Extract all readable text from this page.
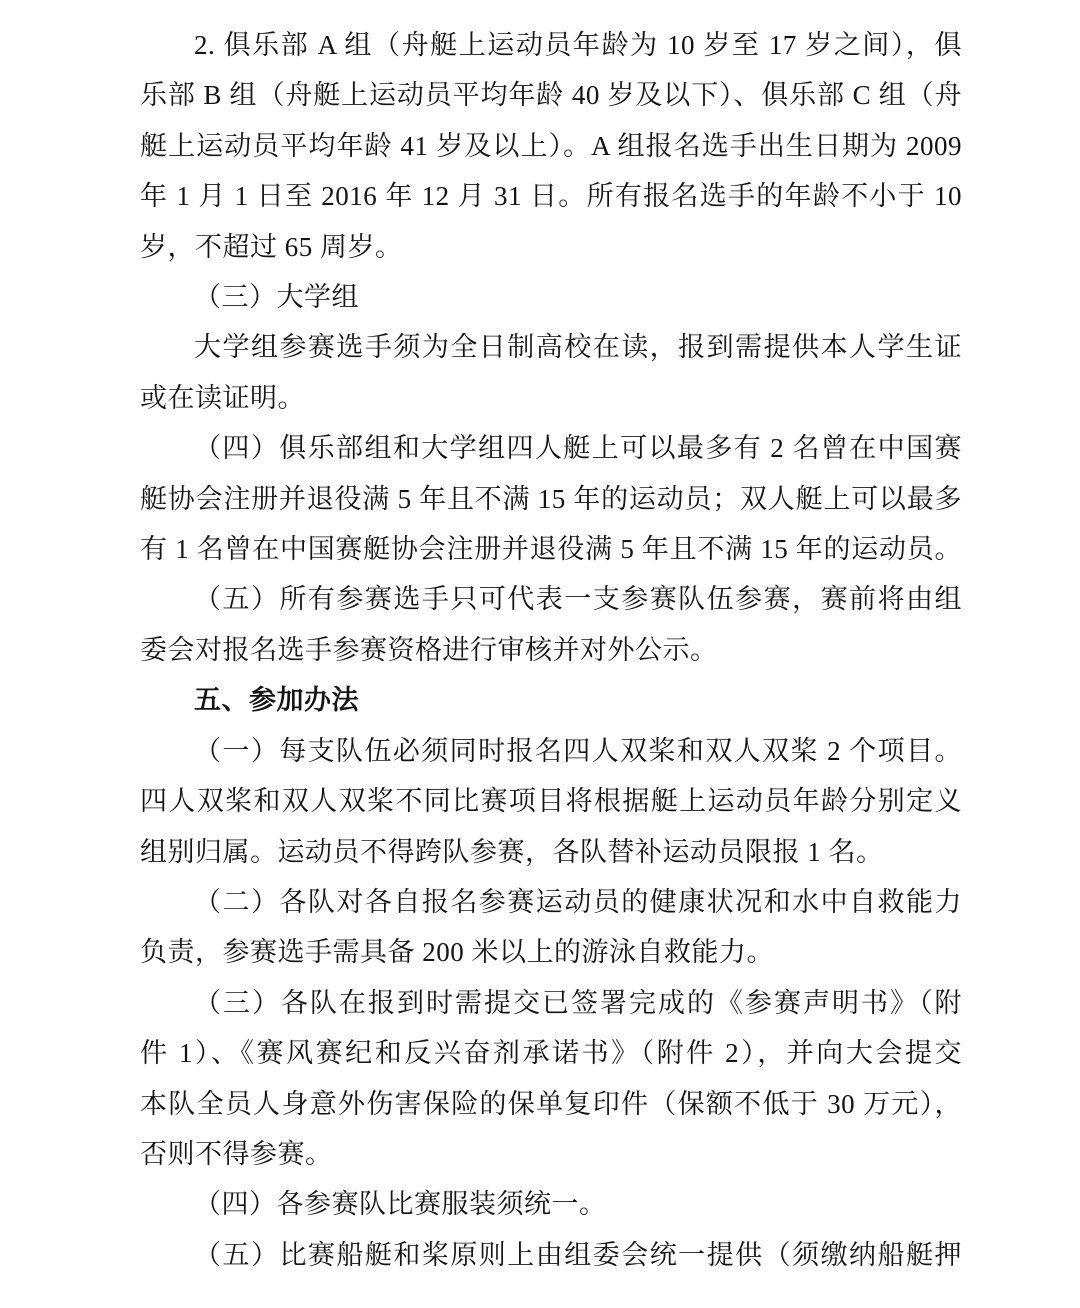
2. 俱乐部 A 组（舟艇上运动员年龄为 10 岁至 17 岁之间），俱
乐部 B 组（舟艇上运动员平均年龄 40 岁及以下）、俱乐部 C 组（舟
艇上运动员平均年龄 41 岁及以上）。A 组报名选手出生日期为 2009
年 1 月 1 日至 2016 年 12 月 31 日。所有报名选手的年龄不小于 10
岁，不超过 65 周岁。
（三）大学组
大学组参赛选手须为全日制高校在读，报到需提供本人学生证
或在读证明。
（四）俱乐部组和大学组四人艇上可以最多有 2 名曾在中国赛
艇协会注册并退役满 5 年且不满 15 年的运动员；双人艇上可以最多
有 1 名曾在中国赛艇协会注册并退役满 5 年且不满 15 年的运动员。
（五）所有参赛选手只可代表一支参赛队伍参赛，赛前将由组
委会对报名选手参赛资格进行审核并对外公示。
五、参加办法
（一）每支队伍必须同时报名四人双桨和双人双桨 2 个项目。
四人双桨和双人双桨不同比赛项目将根据艇上运动员年龄分别定义
组别归属。运动员不得跨队参赛，各队替补运动员限报 1 名。
（二）各队对各自报名参赛运动员的健康状况和水中自救能力
负责，参赛选手需具备 200 米以上的游泳自救能力。
（三）各队在报到时需提交已签署完成的《参赛声明书》（附
件 1）、《赛风赛纪和反兴奋剂承诺书》（附件 2），并向大会提交
本队全员人身意外伤害保险的保单复印件（保额不低于 30 万元），
否则不得参赛。
（四）各参赛队比赛服装须统一。
（五）比赛船艇和桨原则上由组委会统一提供（须缴纳船艇押
